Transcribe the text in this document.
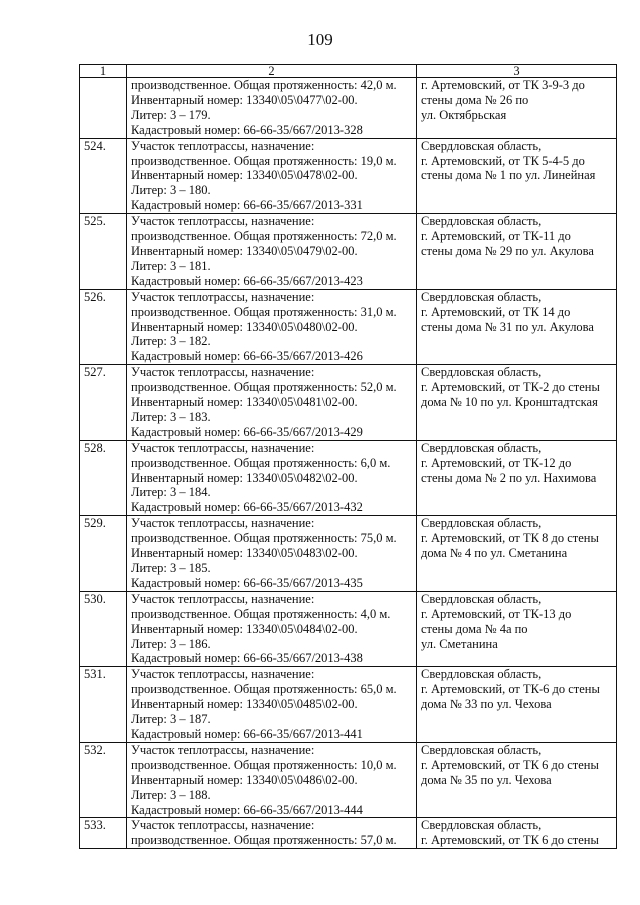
109
1	2	3

	производственное. Общая протяженность: 42,0 м.
Инвентарный номер: 13340\05\0477\02-00.
Литер: 3 – 179.
Кадастровый номер: 66-66-35/667/2013-328	г. Артемовский, от ТК 3-9-3 до
стены дома № 26 по
ул. Октябрьская

524.	Участок теплотрассы, назначение:
производственное. Общая протяженность: 19,0 м.
Инвентарный номер: 13340\05\0478\02-00.
Литер: 3 – 180.
Кадастровый номер: 66-66-35/667/2013-331	Свердловская область,
г. Артемовский, от ТК 5-4-5 до
стены дома № 1 по ул. Линейная

525.	Участок теплотрассы, назначение:
производственное. Общая протяженность: 72,0 м.
Инвентарный номер: 13340\05\0479\02-00.
Литер: 3 – 181.
Кадастровый номер: 66-66-35/667/2013-423	Свердловская область,
г. Артемовский, от ТК-11 до
стены дома № 29 по ул. Акулова

526.	Участок теплотрассы, назначение:
производственное. Общая протяженность: 31,0 м.
Инвентарный номер: 13340\05\0480\02-00.
Литер: 3 – 182.
Кадастровый номер: 66-66-35/667/2013-426	Свердловская область,
г. Артемовский, от ТК 14 до
стены дома № 31 по ул. Акулова

527.	Участок теплотрассы, назначение:
производственное. Общая протяженность: 52,0 м.
Инвентарный номер: 13340\05\0481\02-00.
Литер: 3 – 183.
Кадастровый номер: 66-66-35/667/2013-429	Свердловская область,
г. Артемовский, от ТК-2 до стены
дома № 10 по ул. Кронштадтская

528.	Участок теплотрассы, назначение:
производственное. Общая протяженность: 6,0 м.
Инвентарный номер: 13340\05\0482\02-00.
Литер: 3 – 184.
Кадастровый номер: 66-66-35/667/2013-432	Свердловская область,
г. Артемовский, от ТК-12 до
стены дома № 2 по ул. Нахимова

529.	Участок теплотрассы, назначение:
производственное. Общая протяженность: 75,0 м.
Инвентарный номер: 13340\05\0483\02-00.
Литер: 3 – 185.
Кадастровый номер: 66-66-35/667/2013-435	Свердловская область,
г. Артемовский, от ТК 8 до стены
дома № 4 по ул. Сметанина

530.	Участок теплотрассы, назначение:
производственное. Общая протяженность: 4,0 м.
Инвентарный номер: 13340\05\0484\02-00.
Литер: 3 – 186.
Кадастровый номер: 66-66-35/667/2013-438	Свердловская область,
г. Артемовский, от ТК-13 до
стены дома № 4а по
ул. Сметанина

531.	Участок теплотрассы, назначение:
производственное. Общая протяженность: 65,0 м.
Инвентарный номер: 13340\05\0485\02-00.
Литер: 3 – 187.
Кадастровый номер: 66-66-35/667/2013-441	Свердловская область,
г. Артемовский, от ТК-6 до стены
дома № 33 по ул. Чехова

532.	Участок теплотрассы, назначение:
производственное. Общая протяженность: 10,0 м.
Инвентарный номер: 13340\05\0486\02-00.
Литер: 3 – 188.
Кадастровый номер: 66-66-35/667/2013-444	Свердловская область,
г. Артемовский, от ТК 6 до стены
дома № 35 по ул. Чехова

533.	Участок теплотрассы, назначение:
производственное. Общая протяженность: 57,0 м.	Свердловская область,
г. Артемовский, от ТК 6 до стены
